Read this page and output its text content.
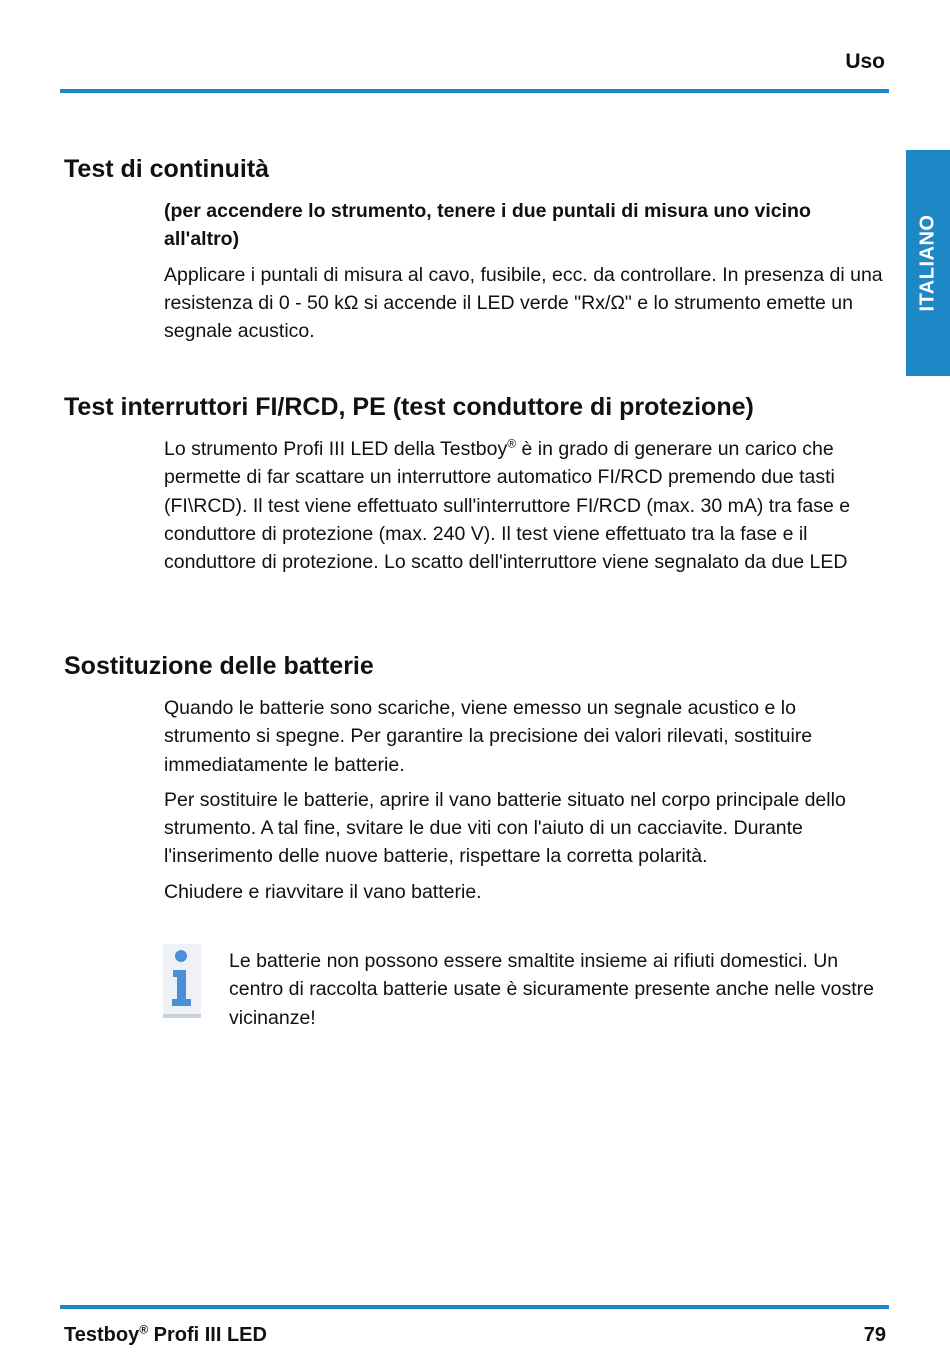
Uso
ITALIANO
Test di continuità

(per accendere lo strumento, tenere i due puntali di misura uno vicino all'altro)

Applicare i puntali di misura al cavo, fusibile, ecc. da controllare. In presenza di una resistenza di 0 - 50 kΩ si accende il LED verde "Rx/Ω" e lo strumento emette un segnale acustico.

Test interruttori FI/RCD, PE (test conduttore di protezione)

Lo strumento Profi III LED della Testboy® è in grado di generare un carico che permette di far scattare un interruttore automatico FI/RCD premendo due tasti (FI\RCD). Il test viene effettuato sull'interruttore FI/RCD (max. 30 mA) tra fase e conduttore di protezione (max. 240 V). Il test viene effettuato tra la fase e il conduttore di protezione. Lo scatto dell'interruttore viene segnalato da due LED

Sostituzione delle batterie

Quando le batterie sono scariche, viene emesso un segnale acustico e lo strumento si spegne. Per garantire la precisione dei valori rilevati, sostituire immediatamente le batterie.

Per sostituire le batterie, aprire il vano batterie situato nel corpo principale dello strumento. A tal fine, svitare le due viti con l'aiuto di un cacciavite. Durante l'inserimento delle nuove batterie, rispettare la corretta polarità.

Chiudere e riavvitare il vano batterie.

Le batterie non possono essere smaltite insieme ai rifiuti domestici. Un centro di raccolta batterie usate è sicuramente presente anche nelle vostre vicinanze!

Testboy® Profi III LED	79
